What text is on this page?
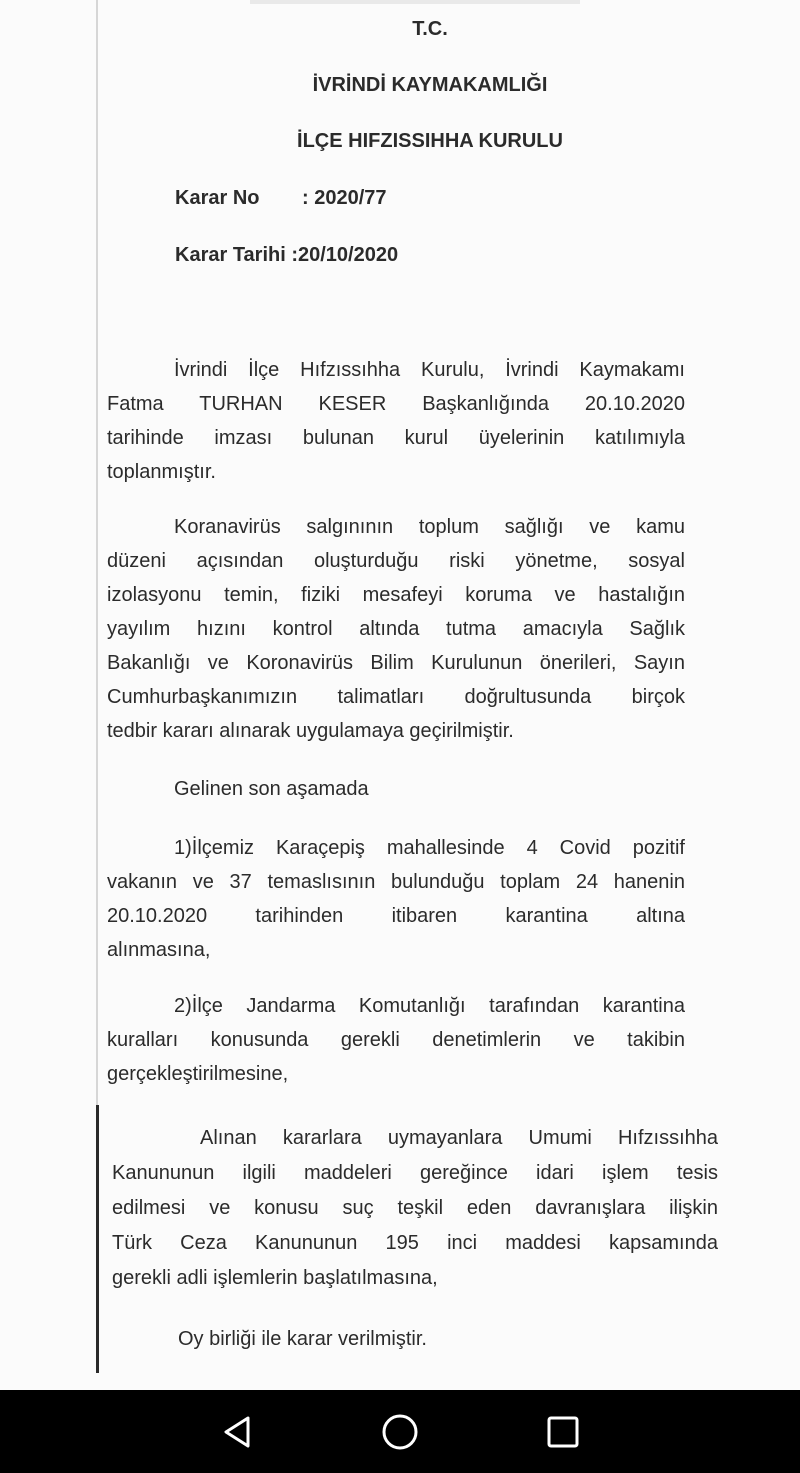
T.C.
İVRİNDİ KAYMAKAMLIĞI
İLÇE HIFZISSIHHA KURULU
Karar No : 2020/77
Karar Tarihi :20/10/2020
İvrindi İlçe Hıfzıssıhha Kurulu, İvrindi Kaymakamı
Fatma TURHAN KESER Başkanlığında 20.10.2020
tarihinde imzası bulunan kurul üyelerinin katılımıyla
toplanmıştır.
Koranavirüs salgınının toplum sağlığı ve kamu
düzeni açısından oluşturduğu riski yönetme, sosyal
izolasyonu temin, fiziki mesafeyi koruma ve hastalığın
yayılım hızını kontrol altında tutma amacıyla Sağlık
Bakanlığı ve Koronavirüs Bilim Kurulunun önerileri, Sayın
Cumhurbaşkanımızın talimatları doğrultusunda birçok
tedbir kararı alınarak uygulamaya geçirilmiştir.
Gelinen son aşamada
1)İlçemiz Karaçepiş mahallesinde 4 Covid pozitif
vakanın ve 37 temaslısının bulunduğu toplam 24 hanenin
20.10.2020 tarihinden itibaren karantina altına
alınmasına,
2)İlçe Jandarma Komutanlığı tarafından karantina
kuralları konusunda gerekli denetimlerin ve takibin
gerçekleştirilmesine,
Alınan kararlara uymayanlara Umumi Hıfzıssıhha
Kanununun ilgili maddeleri gereğince idari işlem tesis
edilmesi ve konusu suç teşkil eden davranışlara ilişkin
Türk Ceza Kanununun 195 inci maddesi kapsamında
gerekli adli işlemlerin başlatılmasına,
Oy birliği ile karar verilmiştir.
